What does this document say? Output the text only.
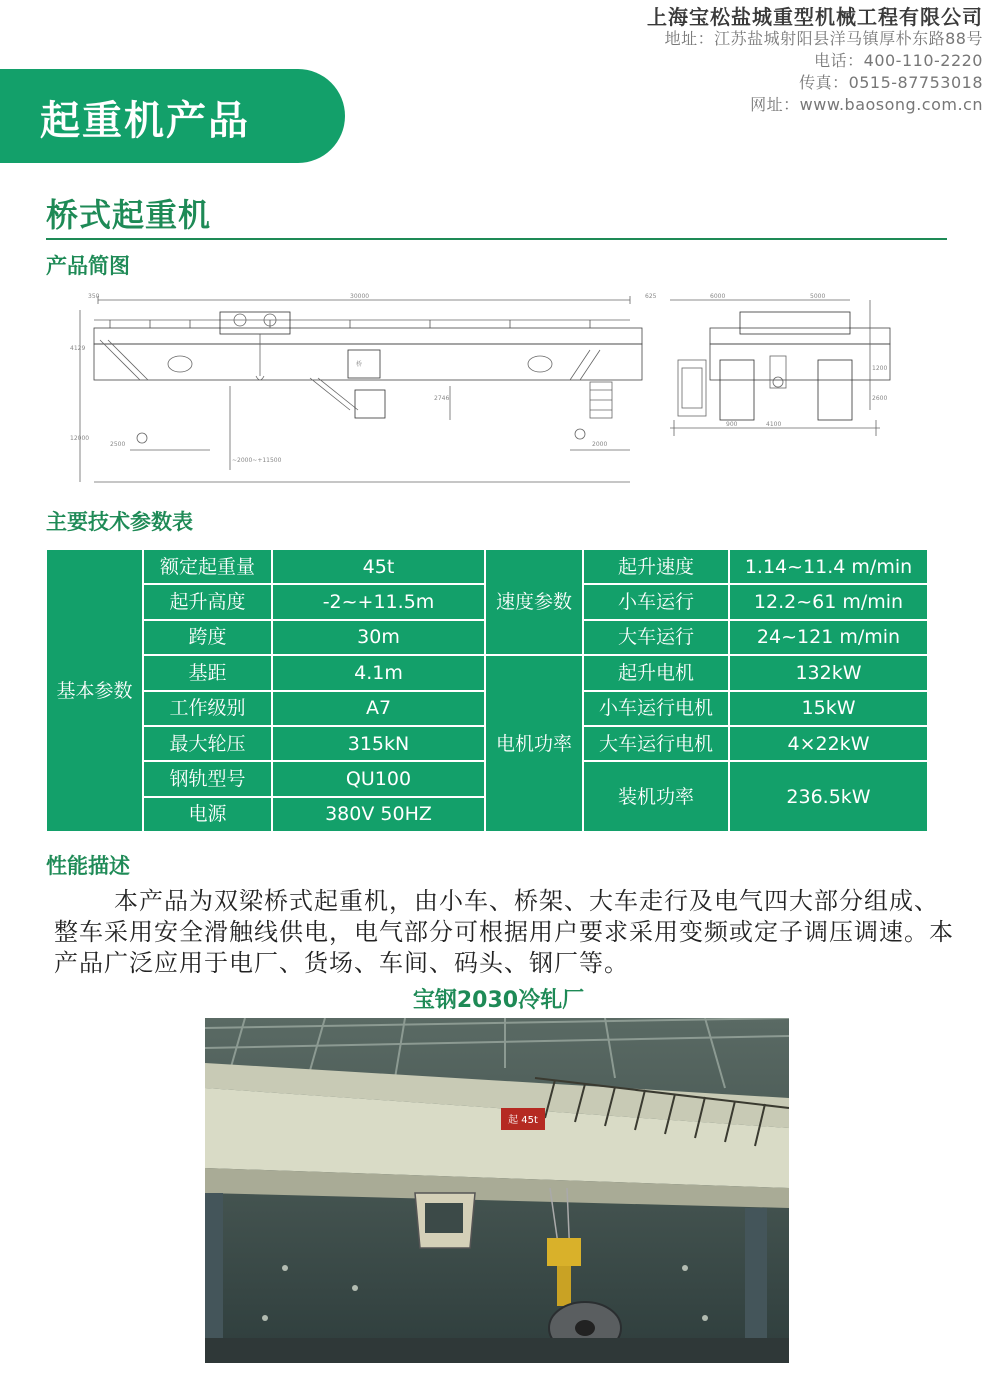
上海宝松盐城重型机械工程有限公司
地址：江苏盐城射阳县洋马镇厚朴东路88号
电话：400-110-2220
传真：0515-87753018
网址：www.baosong.com.cn
起重机产品
桥式起重机
产品简图
350	30000	625	6000	5000
4129
12000
2500	2000
2746
~2000~+11500
4100
900
1200
2600
桥
主要技术参数表
基本参数	额定起重量	45t	速度参数	起升速度	1.14~11.4 m/min
	起升高度	-2~+11.5m		小车运行	12.2~61 m/min
	跨度	30m		大车运行	24~121 m/min
	基距	4.1m	电机功率	起升电机	132kW
	工作级别	A7		小车运行电机	15kW
	最大轮压	315kN		大车运行电机	4×22kW
	钢轨型号	QU100		装机功率	236.5kW
	电源	380V 50HZ			
性能描述
本产品为双梁桥式起重机，由小车、桥架、大车走行及电气四大部分组成、整车采用安全滑触线供电，电气部分可根据用户要求采用变频或定子调压调速。本产品广泛应用于电厂、货场、车间、码头、钢厂等。
宝钢2030冷轧厂
起 45t
